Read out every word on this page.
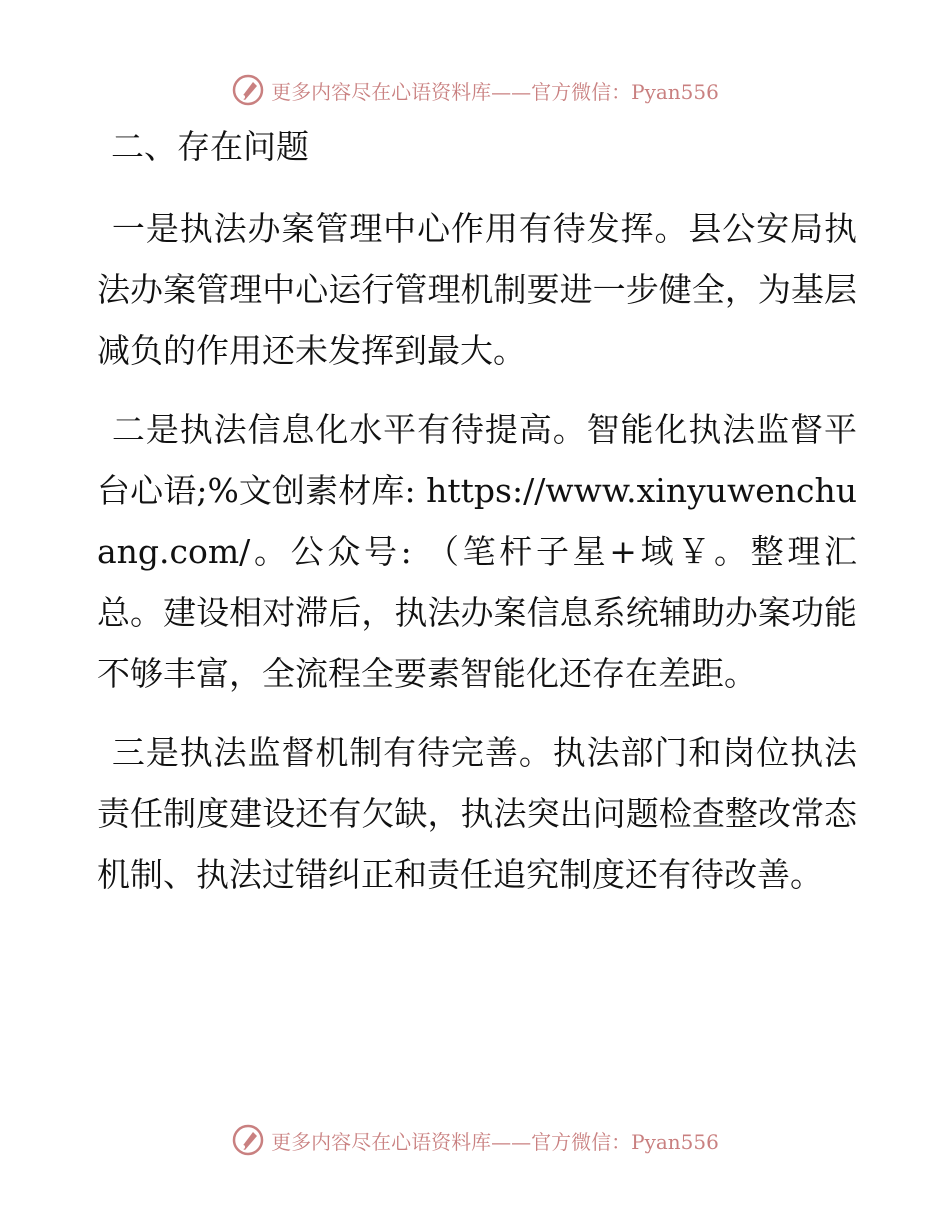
更多内容尽在心语资料库——官方微信：Pyan556
二、存在问题

一是执法办案管理中心作用有待发挥。县公安局执法办案管理中心运行管理机制要进一步健全，为基层减负的作用还未发挥到最大。

二是执法信息化水平有待提高。智能化执法监督平台心语;%文创素材库: https://www.xinyuwenchuang.com/。公众号: （笔杆子星+域￥。整理汇总。建设相对滞后，执法办案信息系统辅助办案功能不够丰富，全流程全要素智能化还存在差距。

三是执法监督机制有待完善。执法部门和岗位执法责任制度建设还有欠缺，执法突出问题检查整改常态机制、执法过错纠正和责任追究制度还有待改善。

更多内容尽在心语资料库——官方微信：Pyan556
